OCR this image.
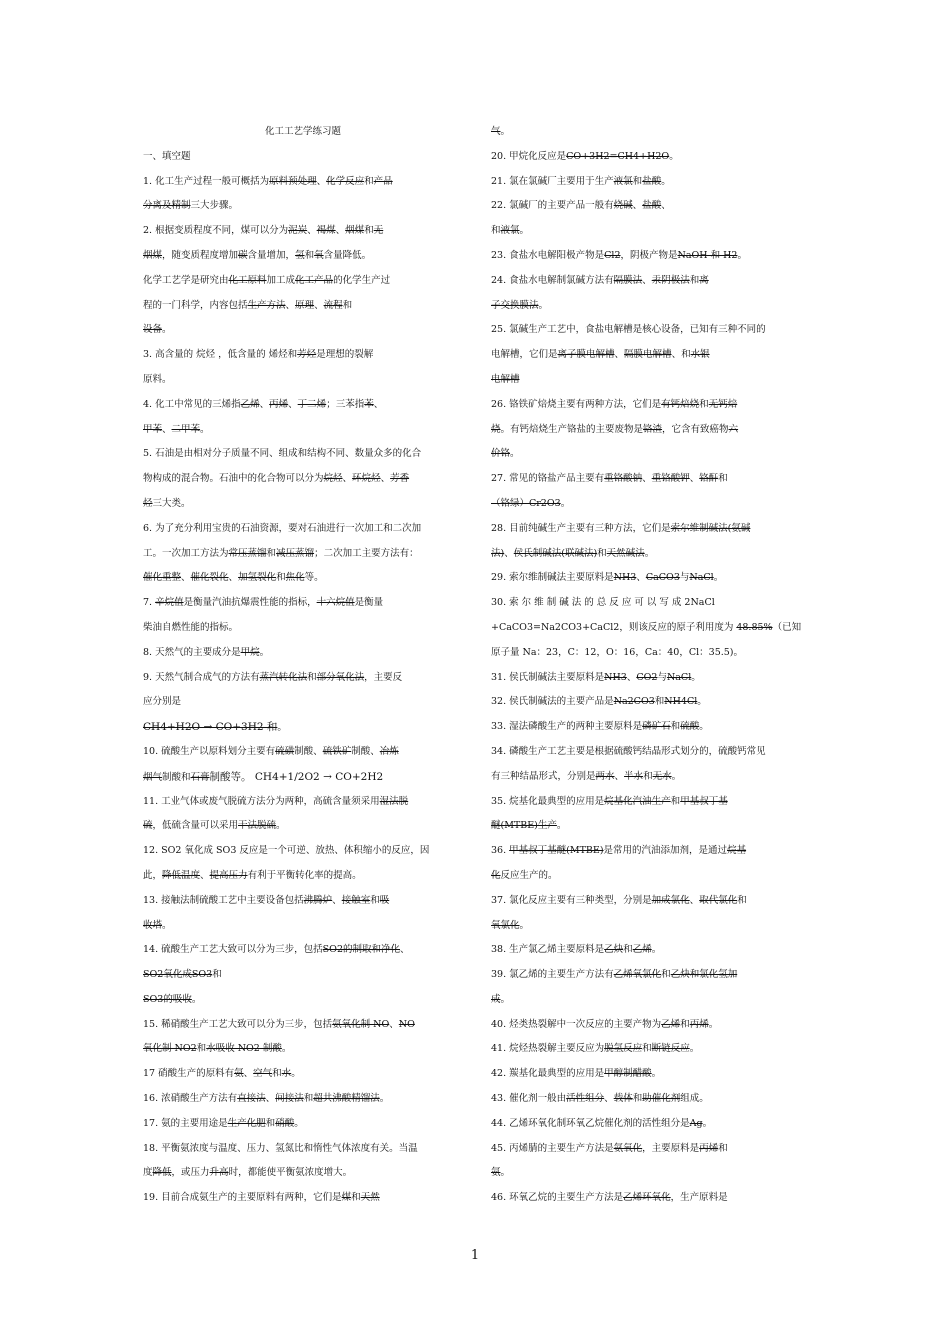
化工工艺学练习题
一、填空题
1. 化工生产过程一般可概括为原料预处理、化学反应和产品
分离及精制三大步骤。
2. 根据变质程度不同，煤可以分为泥炭、褐煤、烟煤和无
烟煤，随变质程度增加碳含量增加，氢和氧含量降低。
化学工艺学是研究由化工原料加工成化工产品的化学生产过
程的一门科学，内容包括生产方法、原理、流程和
设备。
3. 高含量的 烷烃 ，低含量的 烯烃和芳烃是理想的裂解
原料。
4. 化工中常见的三烯指乙烯、丙烯、丁二烯；三苯指苯、
甲苯、二甲苯。
5. 石油是由相对分子质量不同、组成和结构不同、数量众多的化合
物构成的混合物。石油中的化合物可以分为烷烃、环烷烃、芳香
烃三大类。
6. 为了充分利用宝贵的石油资源，要对石油进行一次加工和二次加
工。一次加工方法为常压蒸馏和减压蒸馏；二次加工主要方法有：
催化重整、催化裂化、加氢裂化和焦化等。
7. 辛烷值是衡量汽油抗爆震性能的指标，十六烷值是衡量
柴油自燃性能的指标。
8. 天然气的主要成分是甲烷。
9. 天然气制合成气的方法有蒸汽转化法和部分氧化法，主要反
应分别是
CH4+H2O → CO+3H2 和。
10. 硫酸生产以原料划分主要有硫磺制酸、硫铁矿制酸、冶炼
烟气制酸和石膏制酸等。 CH4+1/2O2 → CO+2H2
11. 工业气体或废气脱硫方法分为两种，高硫含量须采用湿法脱
硫，低硫含量可以采用干法脱硫。
12. SO2 氧化成 SO3 反应是一个可逆、放热、体积缩小的反应，因
此，降低温度、提高压力有利于平衡转化率的提高。
13. 接触法制硫酸工艺中主要设备包括沸腾炉、接触室和吸
收塔。
14. 硫酸生产工艺大致可以分为三步，包括SO2的制取和净化、
SO2氧化成SO3和
SO3的吸收。
15. 稀硝酸生产工艺大致可以分为三步，包括氨氧化制 NO、NO
氧化制 NO2和水吸收 NO2 制酸。
17 硝酸生产的原料有氨、空气和水。
16. 浓硝酸生产方法有直接法、间接法和超共沸酸精馏法。
17. 氨的主要用途是生产化肥和硝酸。
18. 平衡氨浓度与温度、压力、氢氮比和惰性气体浓度有关。当温
度降低，或压力升高时，都能使平衡氨浓度增大。
19. 目前合成氨生产的主要原料有两种，它们是煤和天然
气。
20. 甲烷化反应是CO+3H2=CH4+H2O。
21. 氯在氯碱厂主要用于生产液氯和盐酸。
22. 氯碱厂的主要产品一般有烧碱、盐酸、
和液氯。
23. 食盐水电解阳极产物是Cl2，阴极产物是NaOH 和 H2。
24. 食盐水电解制氯碱方法有隔膜法、汞阴极法和离
子交换膜法。
25. 氯碱生产工艺中，食盐电解槽是核心设备，已知有三种不同的
电解槽，它们是离子膜电解槽、隔膜电解槽、和水银
电解槽
26. 铬铁矿焙烧主要有两种方法，它们是有钙焙烧和无钙焙
烧。有钙焙烧生产铬盐的主要废物是铬渣，它含有致癌物六
价铬。
27. 常见的铬盐产品主要有重铬酸钠、重铬酸钾、铬酐和
（铬绿）Cr2O3。
28. 目前纯碱生产主要有三种方法，它们是索尔维制碱法(氨碱
法)、侯氏制碱法(联碱法)和天然碱法。
29. 索尔维制碱法主要原料是NH3、CaCO3与NaCl。
30. 索 尔 维 制 碱 法 的 总 反 应 可 以 写 成 2NaCl
+CaCO3=Na2CO3+CaCl2，则该反应的原子利用度为 48.85%（已知
原子量 Na：23，C：12，O：16，Ca：40，Cl：35.5)。
31. 侯氏制碱法主要原料是NH3、CO2与NaCl。
32. 侯氏制碱法的主要产品是Na2CO3和NH4Cl。
33. 湿法磷酸生产的两种主要原料是磷矿石和硫酸。
34. 磷酸生产工艺主要是根据硫酸钙结晶形式划分的，硫酸钙常见
有三种结晶形式，分别是两水、半水和无水。
35. 烷基化最典型的应用是烷基化汽油生产和甲基叔丁基
醚(MTBE)生产。
36. 甲基叔丁基醚(MTBE)是常用的汽油添加剂，是通过烷基
化反应生产的。
37. 氯化反应主要有三种类型，分别是加成氯化、取代氯化和
氧氯化。
38. 生产氯乙烯主要原料是乙炔和乙烯。
39. 氯乙烯的主要生产方法有乙烯氧氯化和乙炔和氯化氢加
成。
40. 烃类热裂解中一次反应的主要产物为乙烯和丙烯。
41. 烷烃热裂解主要反应为脱氢反应和断链反应。
42. 羰基化最典型的应用是甲醇制醋酸。
43. 催化剂一般由活性组分、载体和助催化剂组成。
44. 乙烯环氧化制环氧乙烷催化剂的活性组分是Ag。
45. 丙烯腈的主要生产方法是氨氧化，主要原料是丙烯和
氨。
46. 环氧乙烷的主要生产方法是乙烯环氧化，生产原料是
1
